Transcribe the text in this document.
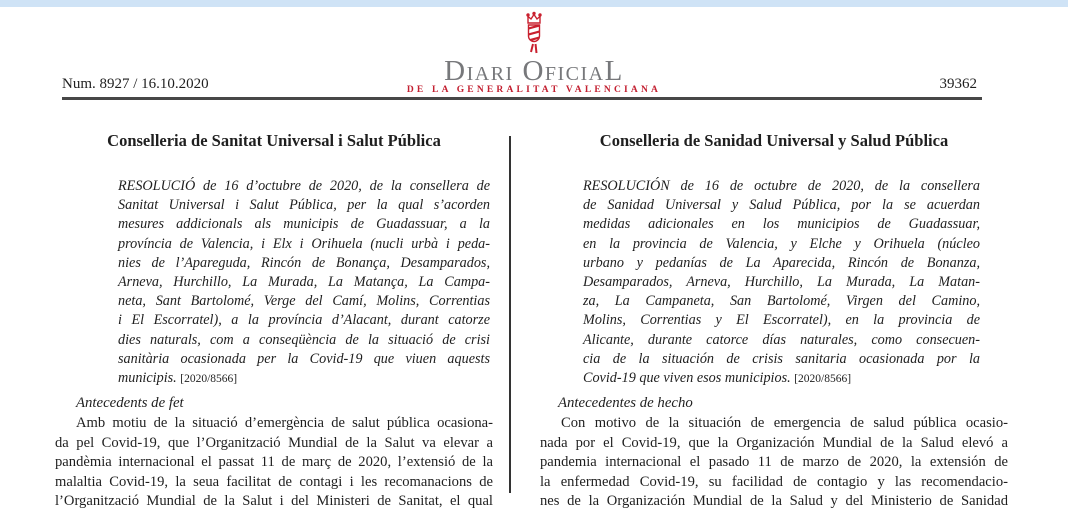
Num. 8927 / 16.10.2020	39362
Diari OficiaL
DE LA GENERALITAT VALENCIANA
Conselleria de Sanitat Universal i Salut Pública
RESOLUCIÓ de 16 d’octubre de 2020, de la consellera de
Sanitat Universal i Salut Pública, per la qual s’acorden
mesures addicionals als municipis de Guadassuar, a la
província de Valencia, i Elx i Orihuela (nucli urbà i peda-
nies de l’Apareguda, Rincón de Bonança, Desamparados,
Arneva, Hurchillo, La Murada, La Matança, La Campa-
neta, Sant Bartolomé, Verge del Camí, Molins, Correntias
i El Escorratel), a la província d’Alacant, durant catorze
dies naturals, com a conseqüència de la situació de crisi
sanitària ocasionada per la Covid-19 que viuen aquests
municipis. [2020/8566]
Antecedents de fet
Amb motiu de la situació d’emergència de salut pública ocasiona-
da pel Covid-19, que l’Organització Mundial de la Salut va elevar a
pandèmia internacional el passat 11 de març de 2020, l’extensió de la
malaltia Covid-19, la seua facilitat de contagi i les recomanacions de
l’Organització Mundial de la Salut i del Ministeri de Sanitat, el qual
Conselleria de Sanidad Universal y Salud Pública
RESOLUCIÓN de 16 de octubre de 2020, de la consellera
de Sanidad Universal y Salud Pública, por la se acuerdan
medidas adicionales en los municipios de Guadassuar,
en la provincia de Valencia, y Elche y Orihuela (núcleo
urbano y pedanías de La Aparecida, Rincón de Bonanza,
Desamparados, Arneva, Hurchillo, La Murada, La Matan-
za, La Campaneta, San Bartolomé, Virgen del Camino,
Molins, Correntias y El Escorratel), en la provincia de
Alicante, durante catorce días naturales, como consecuen-
cia de la situación de crisis sanitaria ocasionada por la
Covid-19 que viven esos municipios. [2020/8566]
Antecedentes de hecho
Con motivo de la situación de emergencia de salud pública ocasio-
nada por el Covid-19, que la Organización Mundial de la Salud elevó a
pandemia internacional el pasado 11 de marzo de 2020, la extensión de
la enfermedad Covid-19, su facilidad de contagio y las recomendacio-
nes de la Organización Mundial de la Salud y del Ministerio de Sanidad
